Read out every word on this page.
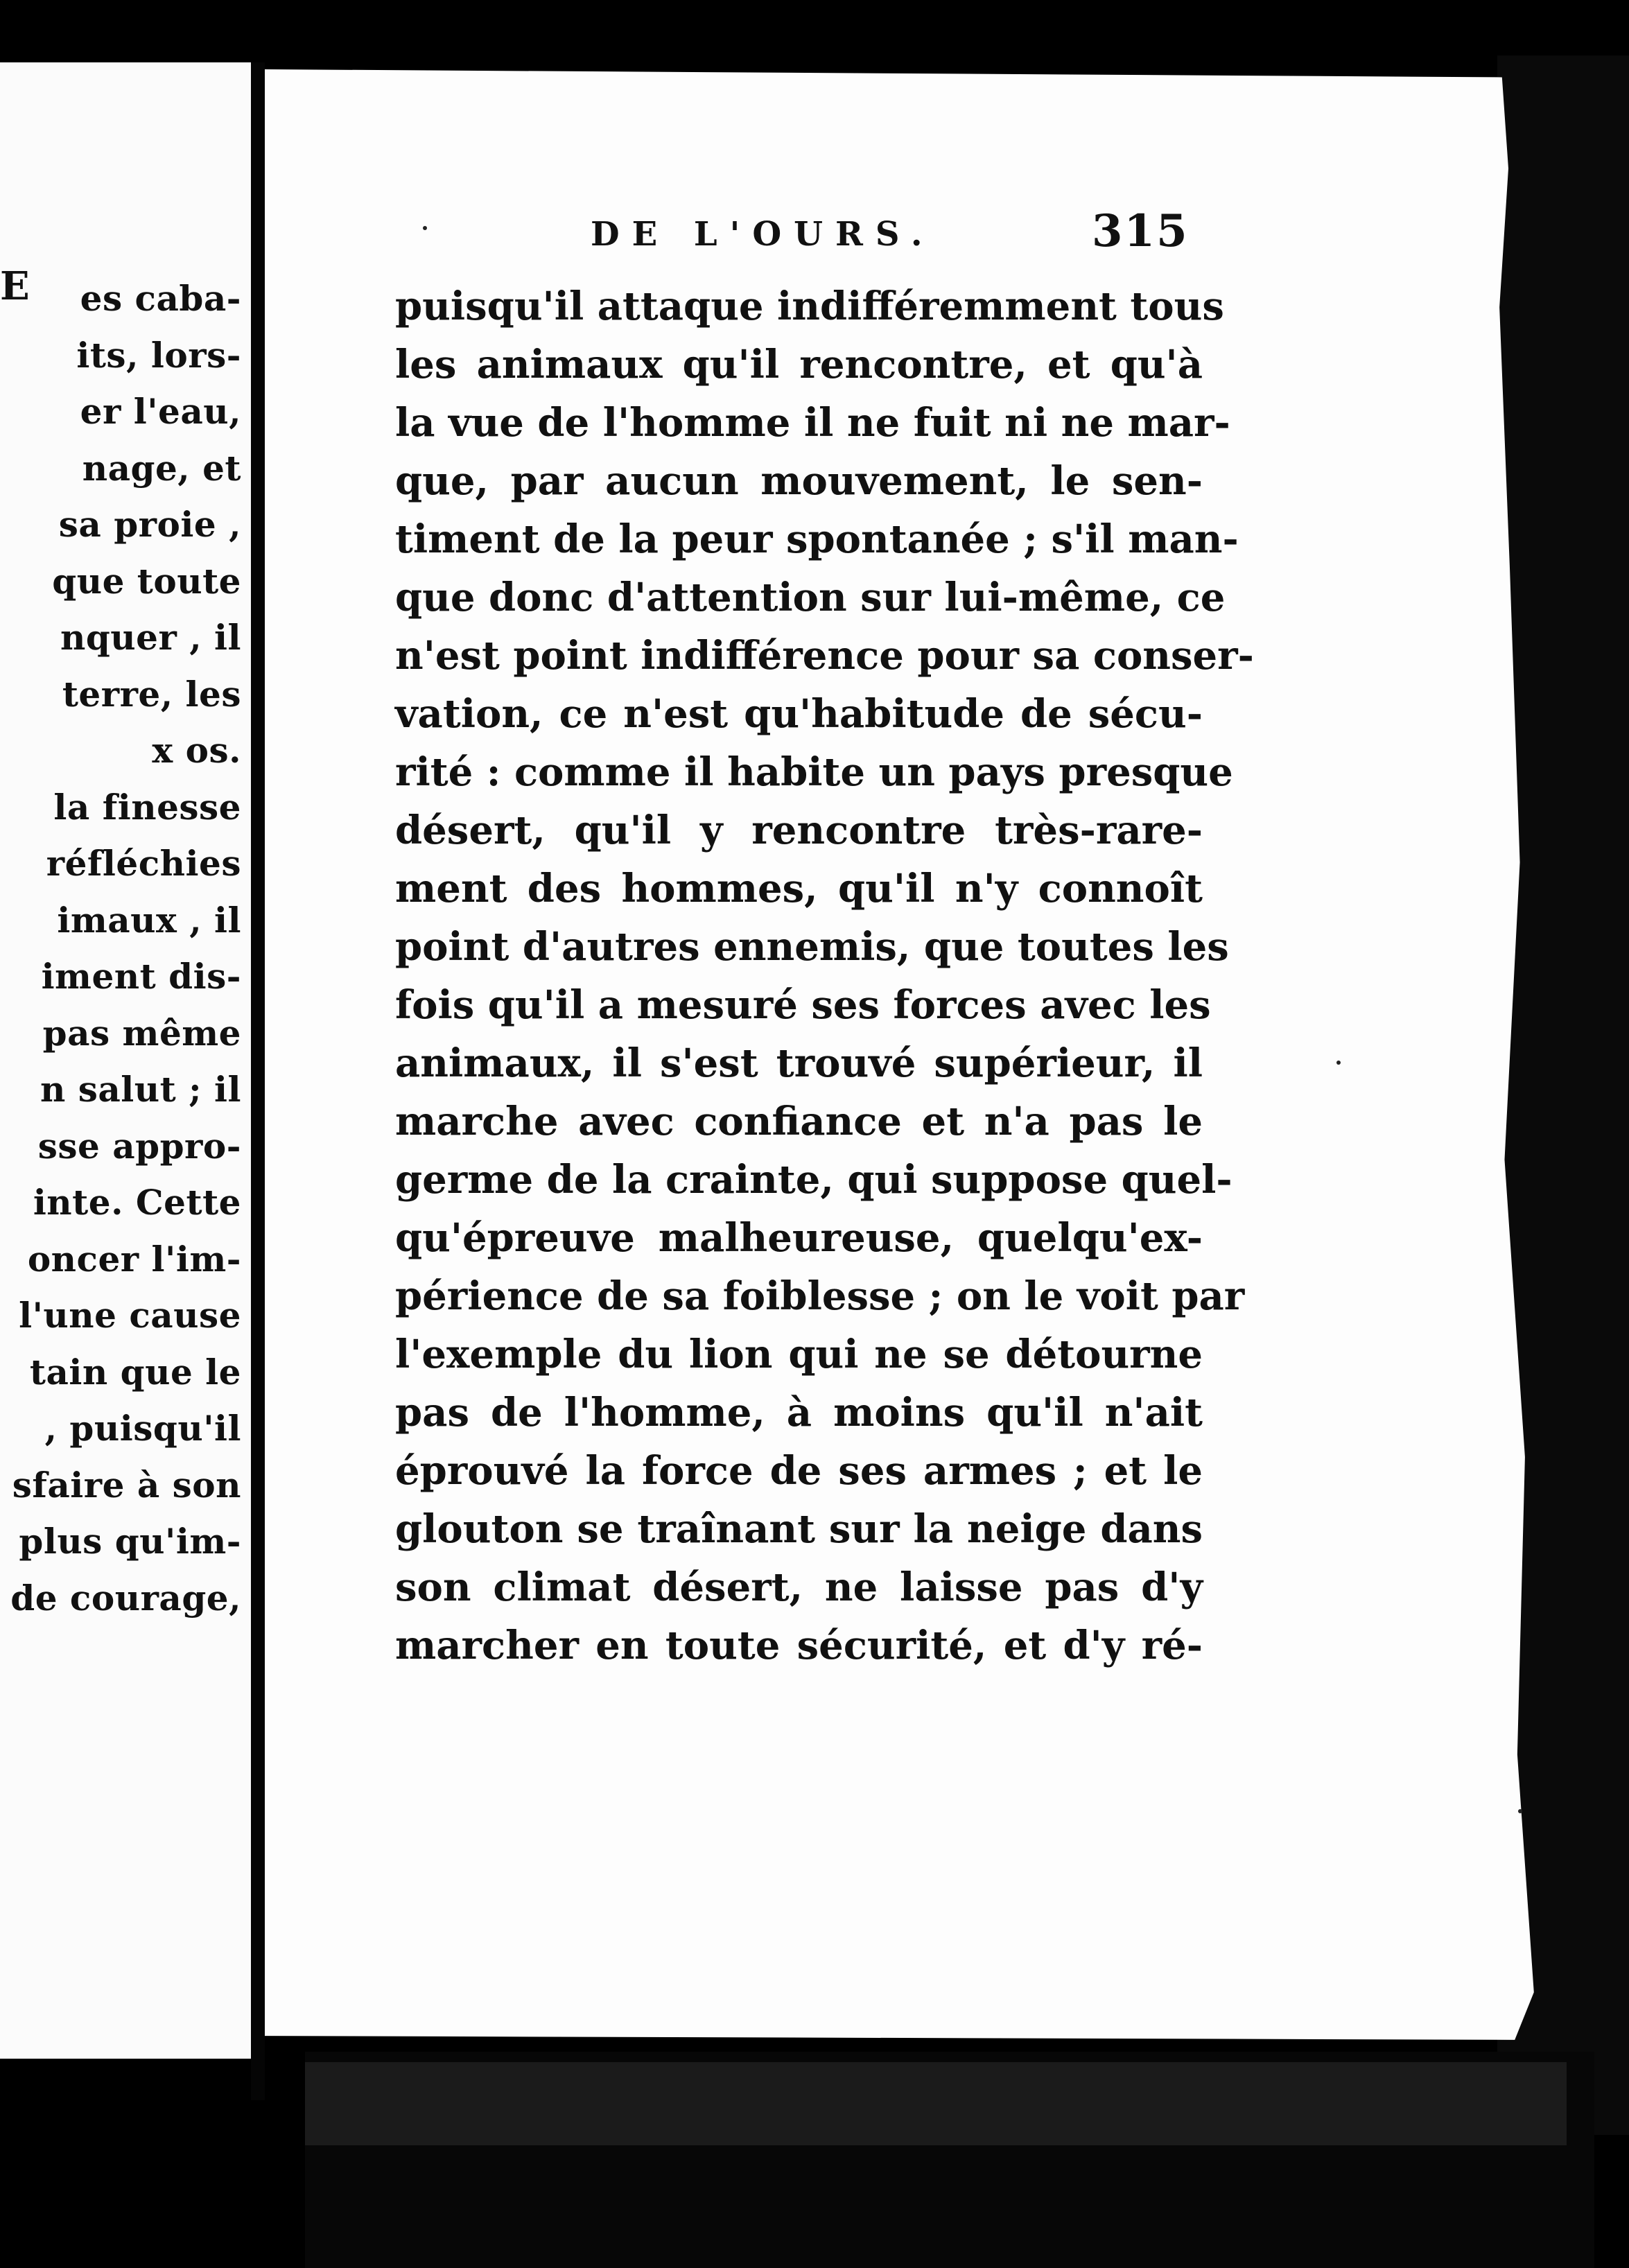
E	es caba-
its, lors-
er l'eau,
nage, et
sa proie ,
que toute
nquer , il
terre, les
x os.
la finesse
réfléchies
imaux , il
iment dis-
pas même
n salut ; il
sse appro-
inte. Cette
oncer l'im-
l'une cause
tain que le
, puisqu'il
sfaire à son
plus qu'im-
de courage,
DE L'OURS.	315
puisqu'il attaque indifféremment tous
les animaux qu'il rencontre, et qu'à
la vue de l'homme il ne fuit ni ne mar-
que, par aucun mouvement, le sen-
timent de la peur spontanée ; s'il man-
que donc d'attention sur lui-même, ce
n'est point indifférence pour sa conser-
vation, ce n'est qu'habitude de sécu-
rité : comme il habite un pays presque
désert, qu'il y rencontre très-rare-
ment des hommes, qu'il n'y connoît
point d'autres ennemis, que toutes les
fois qu'il a mesuré ses forces avec les
animaux, il s'est trouvé supérieur, il
marche avec confiance et n'a pas le
germe de la crainte, qui suppose quel-
qu'épreuve malheureuse, quelqu'ex-
périence de sa foiblesse ; on le voit par
l'exemple du lion qui ne se détourne
pas de l'homme, à moins qu'il n'ait
éprouvé la force de ses armes ; et le
glouton se traînant sur la neige dans
son climat désert, ne laisse pas d'y
marcher en toute sécurité, et d'y ré-
